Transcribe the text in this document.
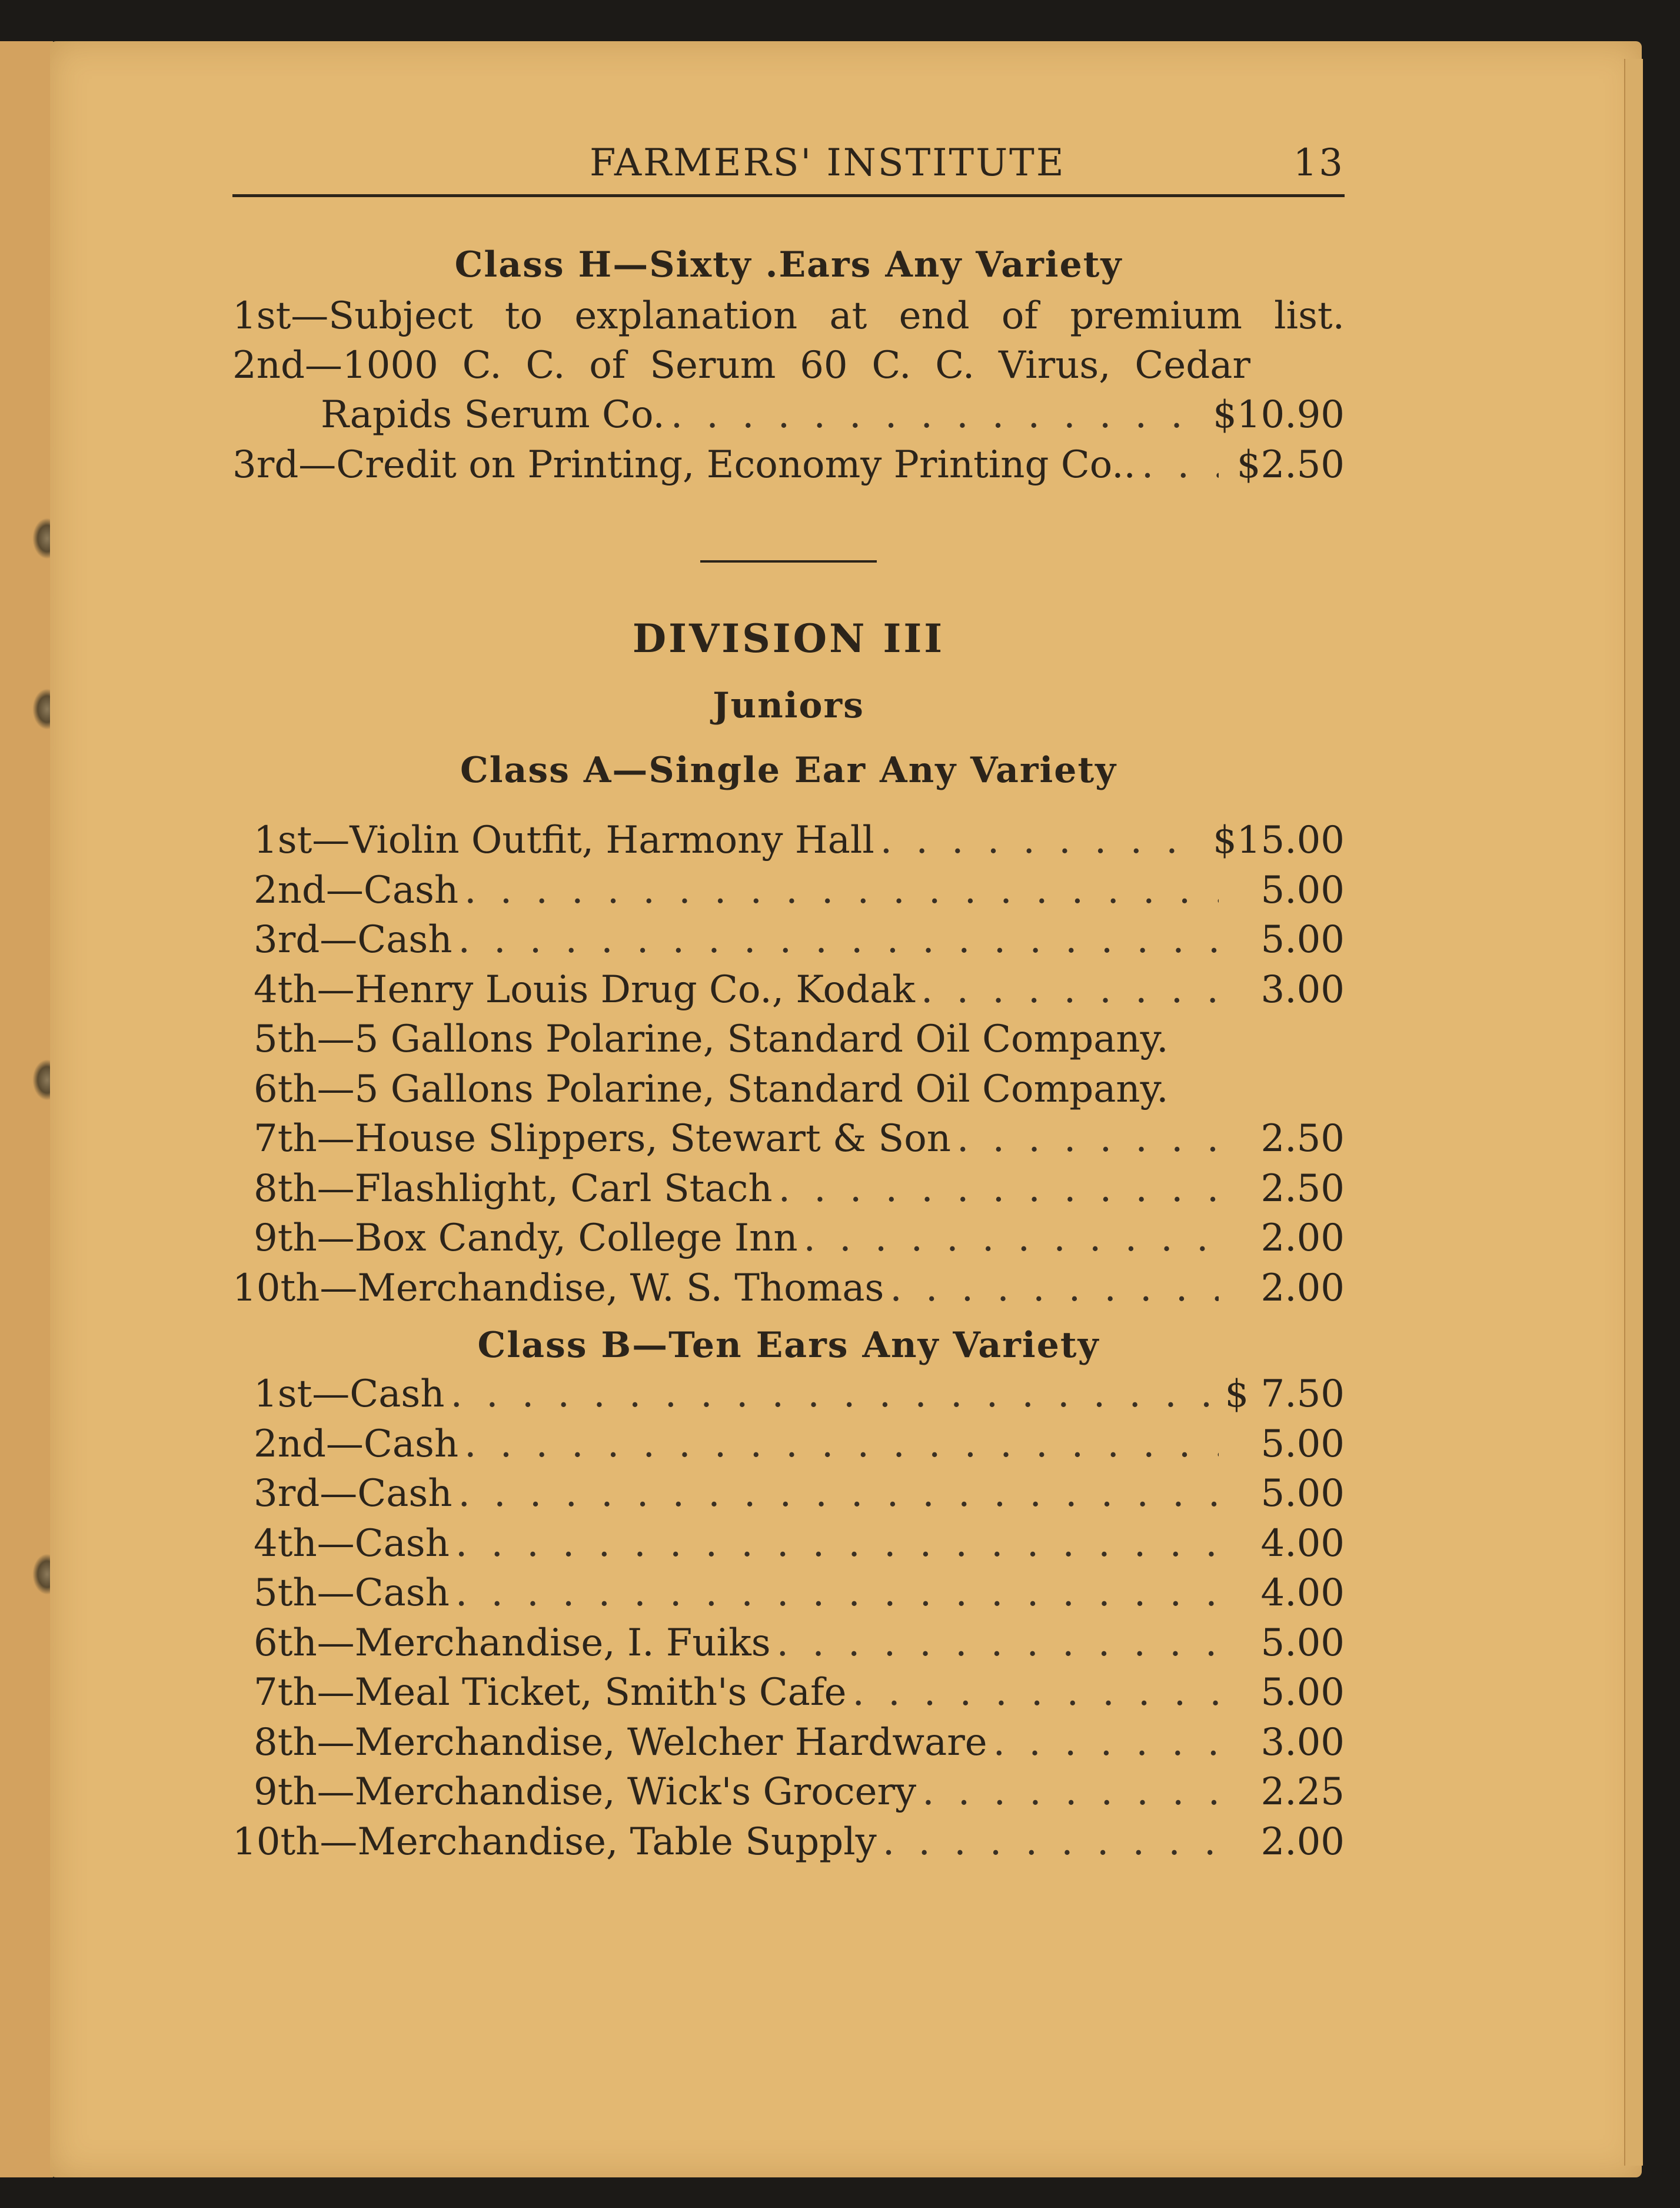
FARMERS' INSTITUTE	13
Class H—Sixty .Ears Any Variety
1st—Subject to explanation at end of premium list.
2nd—1000 C. C. of Serum 60 C. C. Virus, Cedar
Rapids Serum Co. . . .	$10.90
3rd—Credit on Printing, Economy Printing Co.. . . .	$2.50
DIVISION III
Juniors
Class A—Single Ear Any Variety
1st—Violin Outfit, Harmony Hall . . .	$15.00
2nd—Cash . . .	5.00
3rd—Cash . . .	5.00
4th—Henry Louis Drug Co., Kodak . . .	3.00
5th—5 Gallons Polarine, Standard Oil Company.
6th—5 Gallons Polarine, Standard Oil Company.
7th—House Slippers, Stewart & Son . . .	2.50
8th—Flashlight, Carl Stach . . .	2.50
9th—Box Candy, College Inn . . .	2.00
10th—Merchandise, W. S. Thomas . . .	2.00
Class B—Ten Ears Any Variety
1st—Cash . . .	$ 7.50
2nd—Cash . . .	5.00
3rd—Cash . . .	5.00
4th—Cash . . .	4.00
5th—Cash . . .	4.00
6th—Merchandise, I. Fuiks . . .	5.00
7th—Meal Ticket, Smith's Cafe . . .	5.00
8th—Merchandise, Welcher Hardware . . .	3.00
9th—Merchandise, Wick's Grocery . . .	2.25
10th—Merchandise, Table Supply . . .	2.00
